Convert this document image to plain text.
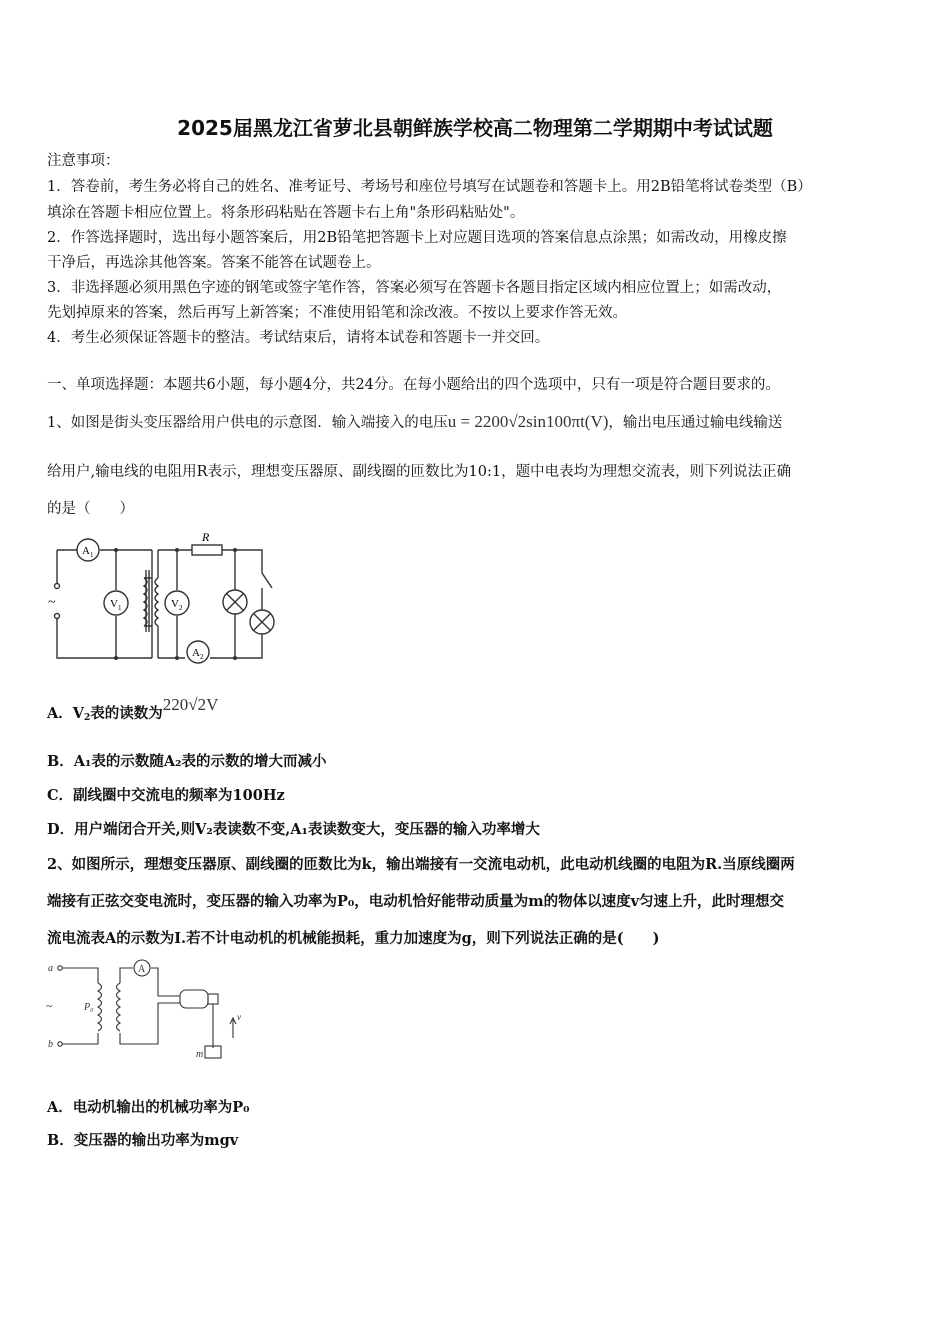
2025届黑龙江省萝北县朝鲜族学校高二物理第二学期期中考试试题
注意事项：
1．答卷前，考生务必将自己的姓名、准考证号、考场号和座位号填写在试题卷和答题卡上。用2B铅笔将试卷类型（B）
填涂在答题卡相应位置上。将条形码粘贴在答题卡右上角"条形码粘贴处"。
2．作答选择题时，选出每小题答案后，用2B铅笔把答题卡上对应题目选项的答案信息点涂黑；如需改动，用橡皮擦
干净后，再选涂其他答案。答案不能答在试题卷上。
3．非选择题必须用黑色字迹的钢笔或签字笔作答，答案必须写在答题卡各题目指定区域内相应位置上；如需改动，
先划掉原来的答案，然后再写上新答案；不准使用铅笔和涂改液。不按以上要求作答无效。
4．考生必须保证答题卡的整洁。考试结束后，请将本试卷和答题卡一并交回。
一、单项选择题：本题共6小题，每小题4分，共24分。在每小题给出的四个选项中，只有一项是符合题目要求的。
1、如图是街头变压器给用户供电的示意图．输入端接入的电压u = 2200√2sin100πt(V)，输出电压通过输电线输送
给用户,输电线的电阻用R表示，理想变压器原、副线圈的匝数比为10:1，题中电表均为理想交流表，则下列说法正确
的是（　　）
A 1
V 1	V 2
A 2
R
~
A．$V_2$表的读数为220√2V
B．A₁表的示数随A₂表的示数的增大而减小
C．副线圈中交流电的频率为100Hz
D．用户端闭合开关,则V₂表读数不变,A₁表读数变大，变压器的输入功率增大
2、如图所示，理想变压器原、副线圈的匝数比为k，输出端接有一交流电动机，此电动机线圈的电阻为R.当原线圈两
端接有正弦交变电流时，变压器的输入功率为P₀，电动机恰好能带动质量为m的物体以速度v匀速上升，此时理想交
流电流表A的示数为I.若不计电动机的机械能损耗，重力加速度为g，则下列说法正确的是(　　)
a
b
~	P₀
A
m
v
A．电动机输出的机械功率为P₀
B．变压器的输出功率为mgv
